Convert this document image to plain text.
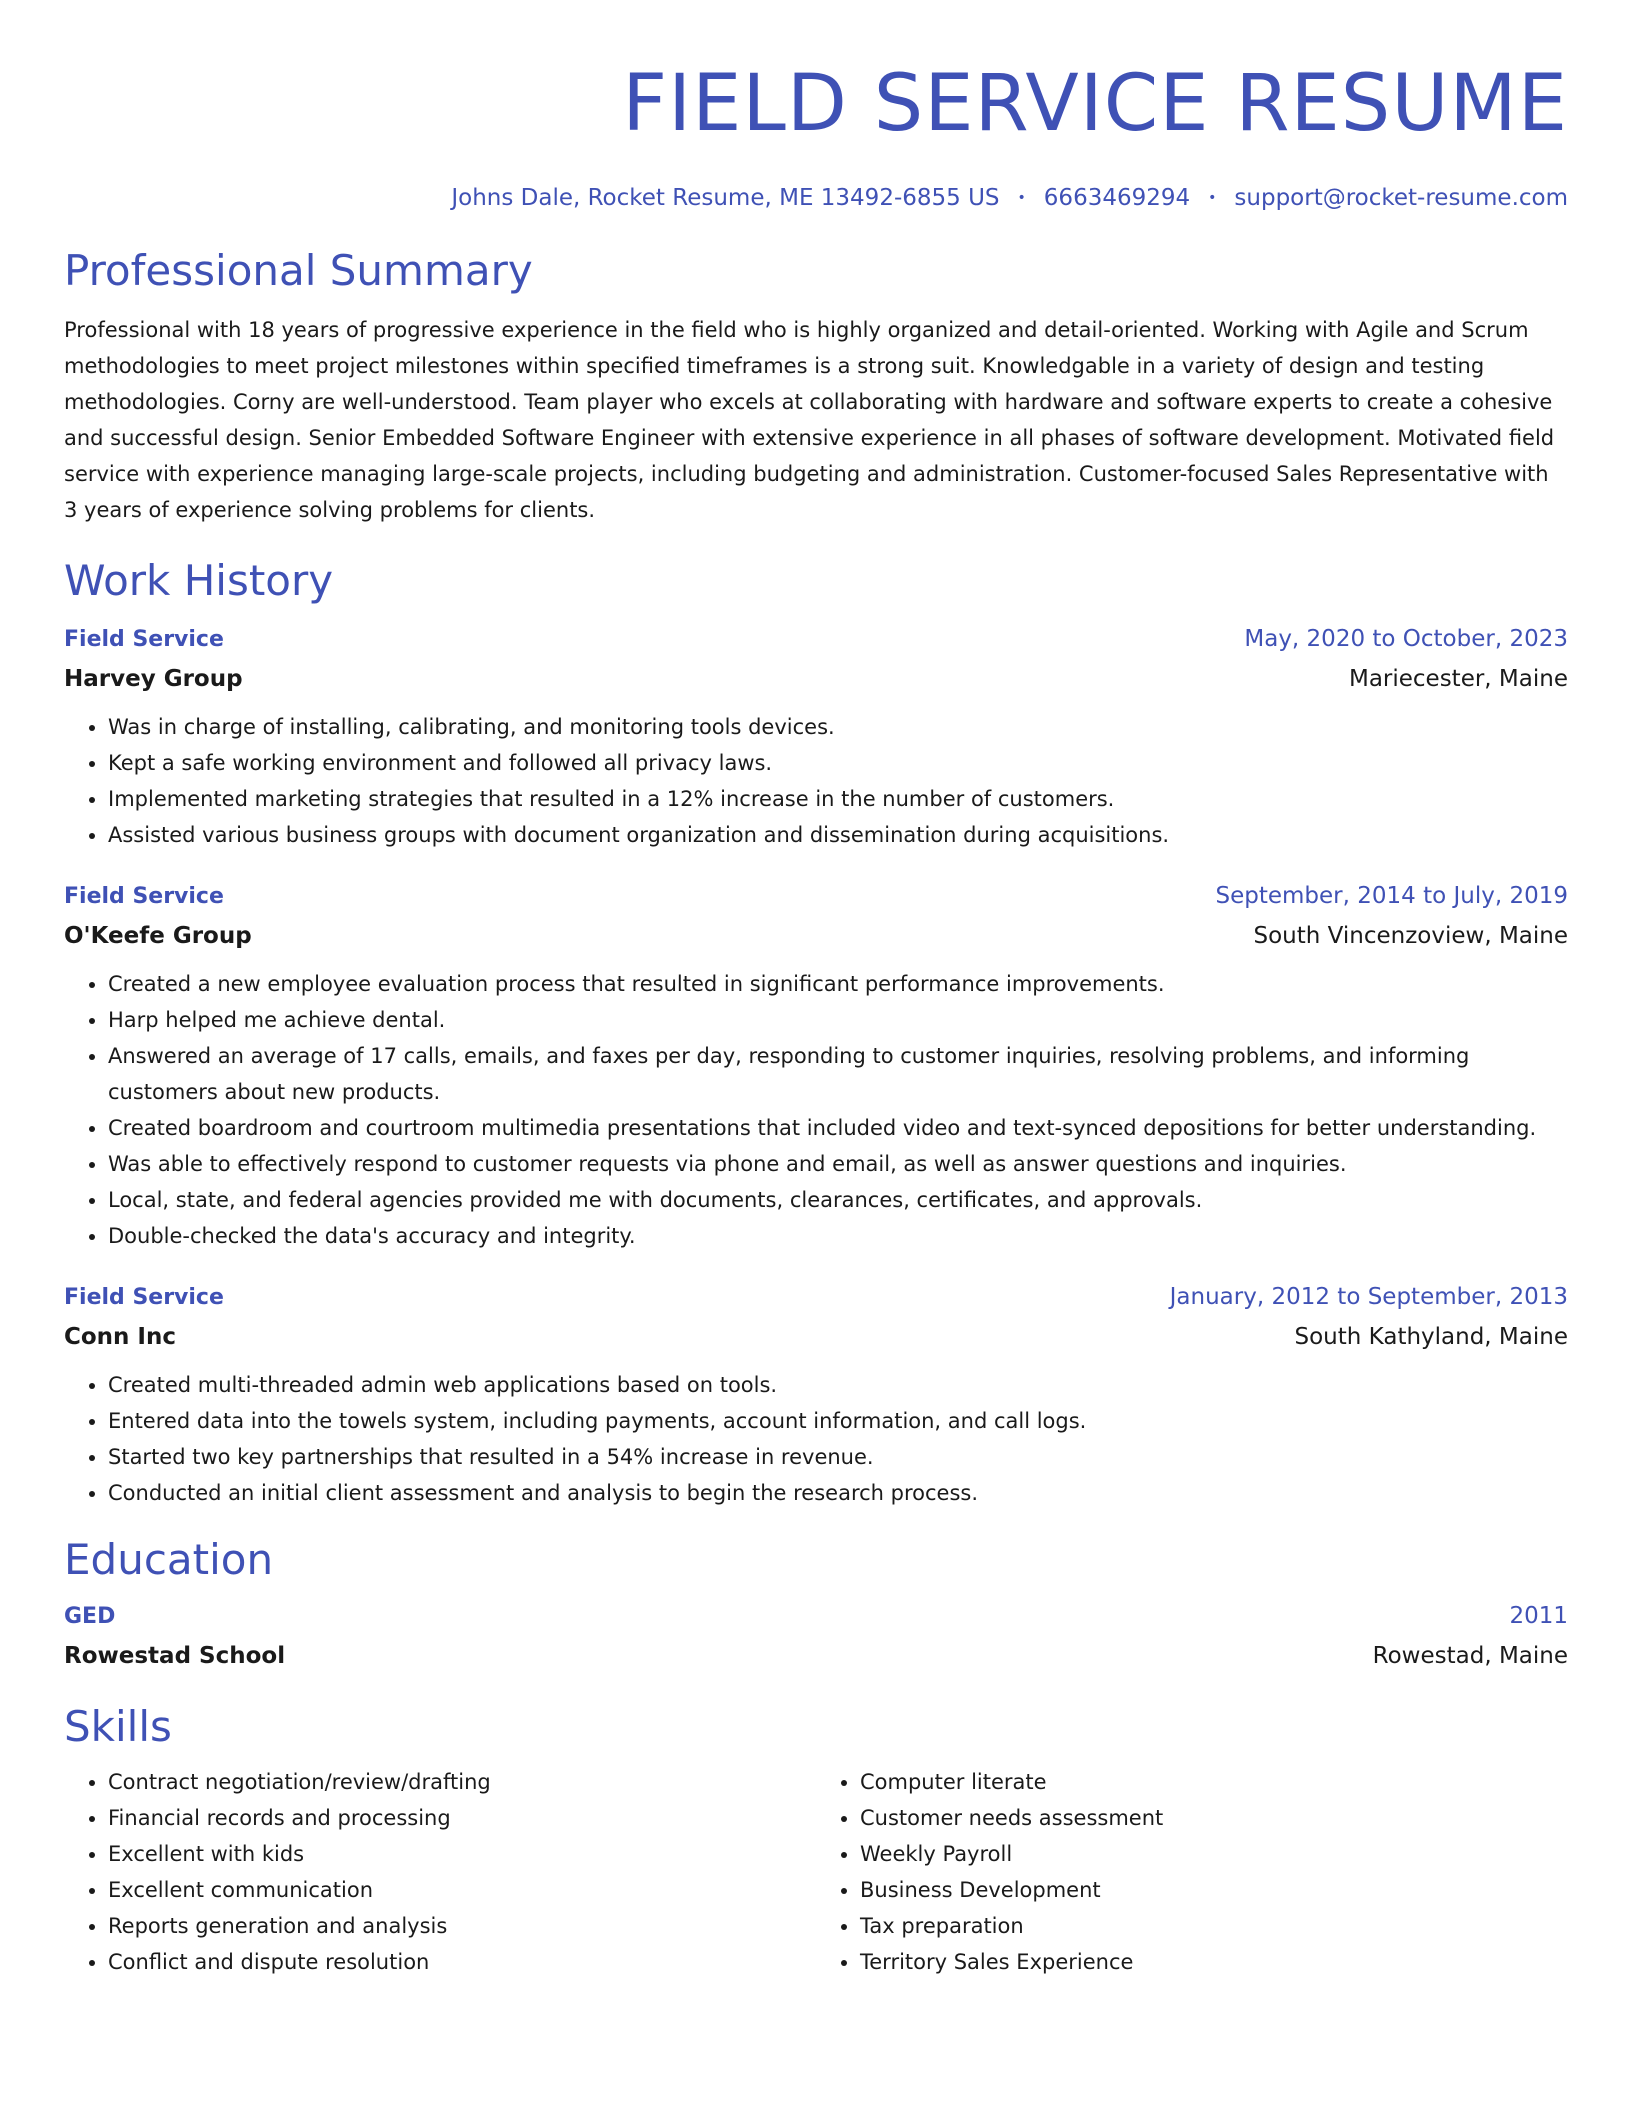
FIELD SERVICE RESUME
Johns Dale, Rocket Resume, ME 13492-6855 US • 6663469294 • support@rocket-resume.com
Professional Summary
Professional with 18 years of progressive experience in the field who is highly organized and detail-oriented. Working with Agile and Scrum methodologies to meet project milestones within specified timeframes is a strong suit. Knowledgable in a variety of design and testing methodologies. Corny are well-understood. Team player who excels at collaborating with hardware and software experts to create a cohesive and successful design. Senior Embedded Software Engineer with extensive experience in all phases of software development. Motivated field service with experience managing large-scale projects, including budgeting and administration. Customer-focused Sales Representative with 3 years of experience solving problems for clients.
Work History
Field Service	May, 2020 to October, 2023
Harvey Group	Mariecester, Maine
• Was in charge of installing, calibrating, and monitoring tools devices.
• Kept a safe working environment and followed all privacy laws.
• Implemented marketing strategies that resulted in a 12% increase in the number of customers.
• Assisted various business groups with document organization and dissemination during acquisitions.
Field Service	September, 2014 to July, 2019
O'Keefe Group	South Vincenzoview, Maine
• Created a new employee evaluation process that resulted in significant performance improvements.
• Harp helped me achieve dental.
• Answered an average of 17 calls, emails, and faxes per day, responding to customer inquiries, resolving problems, and informing customers about new products.
• Created boardroom and courtroom multimedia presentations that included video and text-synced depositions for better understanding.
• Was able to effectively respond to customer requests via phone and email, as well as answer questions and inquiries.
• Local, state, and federal agencies provided me with documents, clearances, certificates, and approvals.
• Double-checked the data's accuracy and integrity.
Field Service	January, 2012 to September, 2013
Conn Inc	South Kathyland, Maine
• Created multi-threaded admin web applications based on tools.
• Entered data into the towels system, including payments, account information, and call logs.
• Started two key partnerships that resulted in a 54% increase in revenue.
• Conducted an initial client assessment and analysis to begin the research process.
Education
GED	2011
Rowestad School	Rowestad, Maine
Skills
• Contract negotiation/review/drafting
• Financial records and processing
• Excellent with kids
• Excellent communication
• Reports generation and analysis
• Conflict and dispute resolution
• Computer literate
• Customer needs assessment
• Weekly Payroll
• Business Development
• Tax preparation
• Territory Sales Experience
